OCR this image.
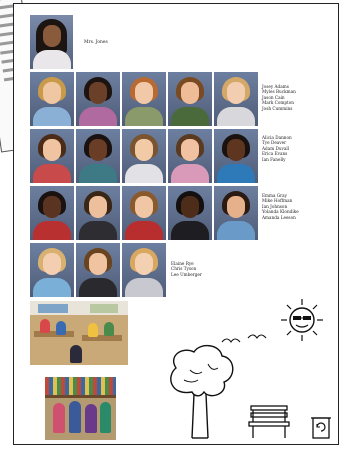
Mrs. Jones
Josey Adams
Myles Buckman
Jason Cain
Mark Compton
Josh Cummins
Alicia Dannon
Tye Deaver
Adam Duvall
Erica Evans
Ian Fanelly
Emma Gray
Mike Hoffman
Ian Johnson
Yolanda Klondike
Amanda Leeson
Elaine Rye
Chris Tyson
Lee Umberger
